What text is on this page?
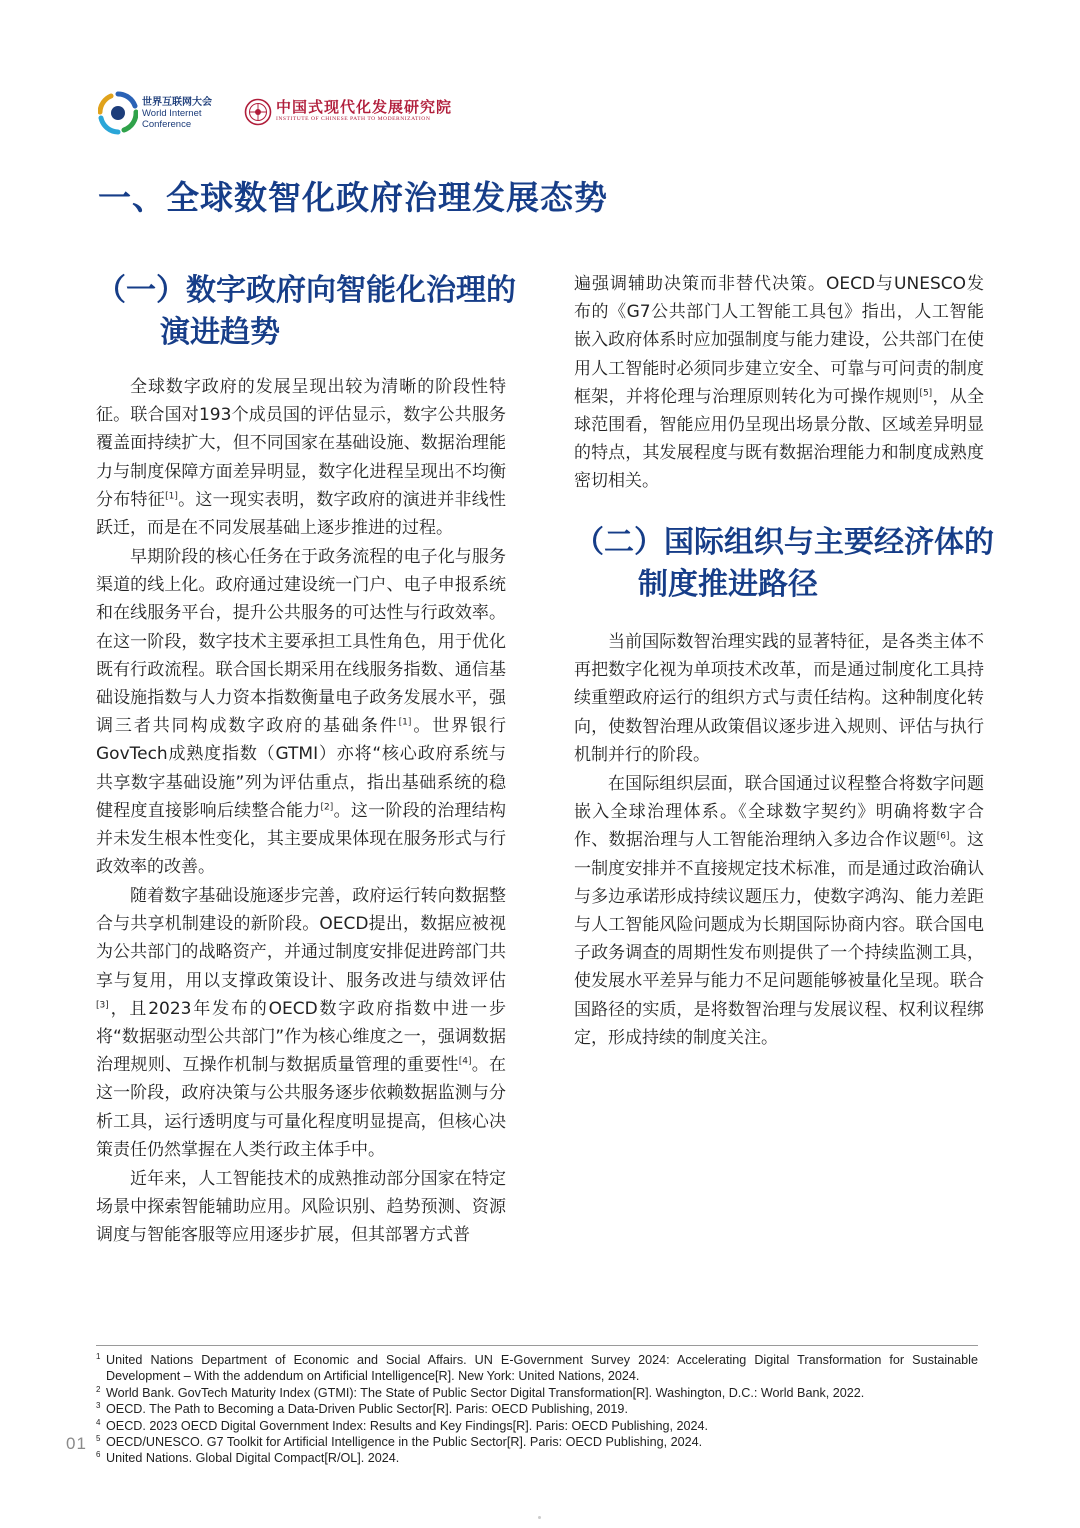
世界互联网大会
World Internet
Conference
中国式现代化发展研究院
INSTITUTE OF CHINESE PATH TO MODERNIZATION
一、全球数智化政府治理发展态势
（一）数字政府向智能化治理的
演进趋势

全球数字政府的发展呈现出较为清晰的阶段性特征。联合国对193个成员国的评估显示，数字公共服务覆盖面持续扩大，但不同国家在基础设施、数据治理能力与制度保障方面差异明显，数字化进程呈现出不均衡分布特征[1]。这一现实表明，数字政府的演进并非线性跃迁，而是在不同发展基础上逐步推进的过程。

早期阶段的核心任务在于政务流程的电子化与服务渠道的线上化。政府通过建设统一门户、电子申报系统和在线服务平台，提升公共服务的可达性与行政效率。在这一阶段，数字技术主要承担工具性角色，用于优化既有行政流程。联合国长期采用在线服务指数、通信基础设施指数与人力资本指数衡量电子政务发展水平，强调三者共同构成数字政府的基础条件[1]。世界银行GovTech成熟度指数（GTMI）亦将“核心政府系统与共享数字基础设施”列为评估重点，指出基础系统的稳健程度直接影响后续整合能力[2]。这一阶段的治理结构并未发生根本性变化，其主要成果体现在服务形式与行政效率的改善。

随着数字基础设施逐步完善，政府运行转向数据整合与共享机制建设的新阶段。OECD提出，数据应被视为公共部门的战略资产，并通过制度安排促进跨部门共享与复用，用以支撑政策设计、服务改进与绩效评估[3]，且2023年发布的OECD数字政府指数中进一步将“数据驱动型公共部门”作为核心维度之一，强调数据治理规则、互操作机制与数据质量管理的重要性[4]。在这一阶段，政府决策与公共服务逐步依赖数据监测与分析工具，运行透明度与可量化程度明显提高，但核心决策责任仍然掌握在人类行政主体手中。

近年来，人工智能技术的成熟推动部分国家在特定场景中探索智能辅助应用。风险识别、趋势预测、资源调度与智能客服等应用逐步扩展，但其部署方式普

遍强调辅助决策而非替代决策。OECD与UNESCO发布的《G7公共部门人工智能工具包》指出，人工智能嵌入政府体系时应加强制度与能力建设，公共部门在使用人工智能时必须同步建立安全、可靠与可问责的制度框架，并将伦理与治理原则转化为可操作规则[5]，从全球范围看，智能应用仍呈现出场景分散、区域差异明显的特点，其发展程度与既有数据治理能力和制度成熟度密切相关。

（二）国际组织与主要经济体的
制度推进路径

当前国际数智治理实践的显著特征，是各类主体不再把数字化视为单项技术改革，而是通过制度化工具持续重塑政府运行的组织方式与责任结构。这种制度化转向，使数智治理从政策倡议逐步进入规则、评估与执行机制并行的阶段。

在国际组织层面，联合国通过议程整合将数字问题嵌入全球治理体系。《全球数字契约》明确将数字合作、数据治理与人工智能治理纳入多边合作议题[6]。这一制度安排并不直接规定技术标准，而是通过政治确认与多边承诺形成持续议题压力，使数字鸿沟、能力差距与人工智能风险问题成为长期国际协商内容。联合国电子政务调查的周期性发布则提供了一个持续监测工具，使发展水平差异与能力不足问题能够被量化呈现。联合国路径的实质，是将数智治理与发展议程、权利议程绑定，形成持续的制度关注。

1 United Nations Department of Economic and Social Affairs. UN E-Government Survey 2024: Accelerating Digital Transformation for Sustainable Development – With the addendum on Artificial Intelligence[R]. New York: United Nations, 2024.
2 World Bank. GovTech Maturity Index (GTMI): The State of Public Sector Digital Transformation[R]. Washington, D.C.: World Bank, 2022.
3 OECD. The Path to Becoming a Data-Driven Public Sector[R]. Paris: OECD Publishing, 2019.
4 OECD. 2023 OECD Digital Government Index: Results and Key Findings[R]. Paris: OECD Publishing, 2024.
5 OECD/UNESCO. G7 Toolkit for Artificial Intelligence in the Public Sector[R]. Paris: OECD Publishing, 2024.
6 United Nations. Global Digital Compact[R/OL]. 2024.
01
